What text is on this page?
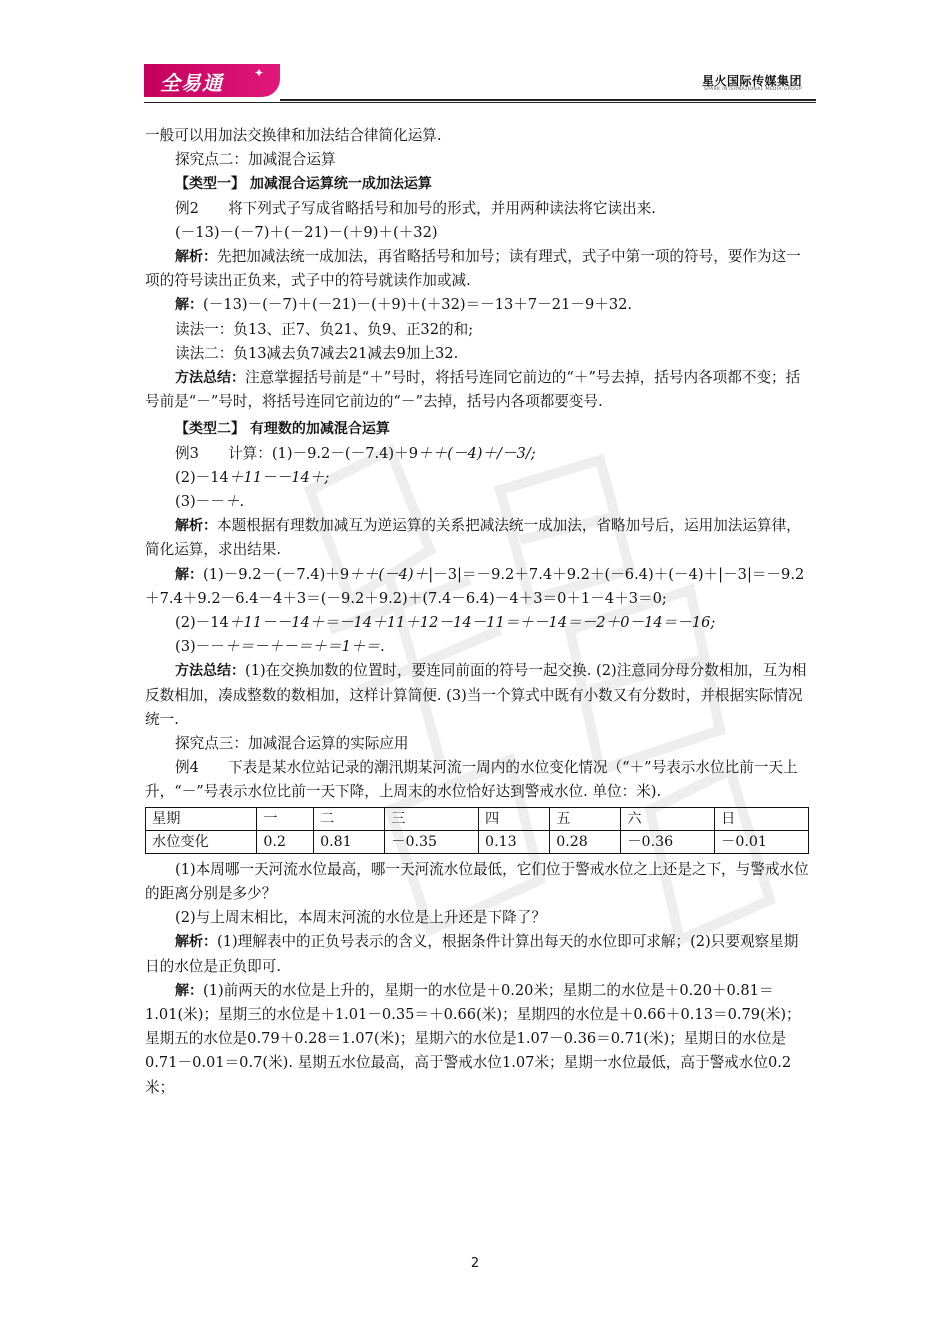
全易通	✦
星火国际传媒集团
SPARK INTERNATIONAL MEDIA GROUP

一般可以用加法交换律和加法结合律简化运算.

探究点二：加减混合运算

【类型一】 加减混合运算统一成加法运算

例2　　将下列式子写成省略括号和加号的形式，并用两种读法将它读出来.

(－13)－(－7)＋(－21)－(＋9)＋(＋32)

解析：先把加减法统一成加法，再省略括号和加号；读有理式，式子中第一项的符号，要作为这一项的符号读出正负来，式子中的符号就读作加或减.

解：(－13)－(－7)＋(－21)－(＋9)＋(＋32)＝－13＋7－21－9＋32.

读法一：负13、正7、负21、负9、正32的和;

读法二：负13减去负7减去21减去9加上32.

方法总结：注意掌握括号前是“＋”号时，将括号连同它前边的“＋”号去掉，括号内各项都不变；括号前是“－”号时，将括号连同它前边的“－”去掉，括号内各项都要变号.

【类型二】 有理数的加减混合运算

例3　　计算：(1)－9.2－(－7.4)＋9＋＋(－4)＋/－3/;

(2)－14＋11－－14＋;

(3)－－＋.

解析：本题根据有理数加减互为逆运算的关系把减法统一成加法，省略加号后，运用加法运算律，简化运算，求出结果.

解：(1)－9.2－(－7.4)＋9＋＋(－4)＋|－3|＝－9.2＋7.4＋9.2＋(－6.4)＋(－4)＋|－3|＝－9.2＋7.4＋9.2－6.4－4＋3＝(－9.2＋9.2)＋(7.4－6.4)－4＋3＝0＋1－4＋3＝0;

(2)－14＋11－－14＋＝－14＋11＋12－14－11＝＋－14＝－2＋0－14＝－16;

(3)－－＋＝－＋－＝＋＝1＋＝.

方法总结：(1)在交换加数的位置时，要连同前面的符号一起交换. (2)注意同分母分数相加，互为相反数相加，凑成整数的数相加，这样计算简便. (3)当一个算式中既有小数又有分数时，并根据实际情况统一.

探究点三：加减混合运算的实际应用

例4　　下表是某水位站记录的潮汛期某河流一周内的水位变化情况（“＋”号表示水位比前一天上升，“－”号表示水位比前一天下降，上周末的水位恰好达到警戒水位. 单位：米).

星期	一	二	三	四	五	六	日
水位变化	0.2	0.81	－0.35	0.13	0.28	－0.36	－0.01

(1)本周哪一天河流水位最高，哪一天河流水位最低，它们位于警戒水位之上还是之下，与警戒水位的距离分别是多少？

(2)与上周末相比，本周末河流的水位是上升还是下降了？

解析：(1)理解表中的正负号表示的含义，根据条件计算出每天的水位即可求解；(2)只要观察星期日的水位是正负即可.

解：(1)前两天的水位是上升的，星期一的水位是＋0.20米；星期二的水位是＋0.20＋0.81＝1.01(米)；星期三的水位是＋1.01－0.35＝＋0.66(米)；星期四的水位是＋0.66＋0.13＝0.79(米)；星期五的水位是0.79＋0.28＝1.07(米)；星期六的水位是1.07－0.36＝0.71(米)；星期日的水位是0.71－0.01＝0.7(米). 星期五水位最高，高于警戒水位1.07米；星期一水位最低，高于警戒水位0.2米；

2
